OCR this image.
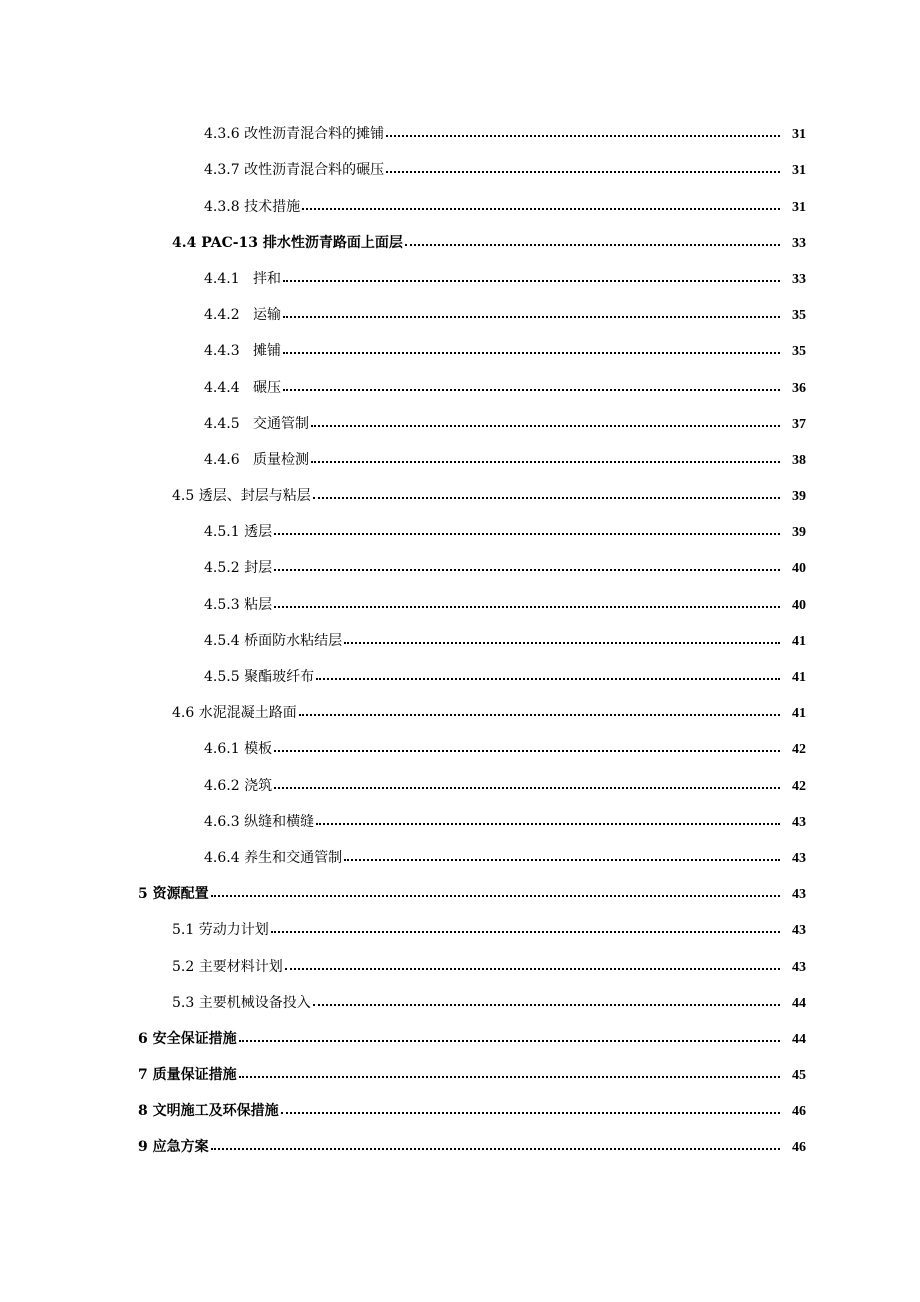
4.3.6 改性沥青混合料的摊铺	31
4.3.7 改性沥青混合料的碾压	31
4.3.8 技术措施	31
4.4 PAC-13 排水性沥青路面上面层	33
4.4.1   拌和	33
4.4.2   运输	35
4.4.3   摊铺	35
4.4.4   碾压	36
4.4.5   交通管制	37
4.4.6   质量检测	38
4.5 透层、封层与粘层	39
4.5.1 透层	39
4.5.2 封层	40
4.5.3 粘层	40
4.5.4 桥面防水粘结层	41
4.5.5 聚酯玻纤布	41
4.6 水泥混凝土路面	41
4.6.1 模板	42
4.6.2 浇筑	42
4.6.3 纵缝和横缝	43
4.6.4 养生和交通管制	43
5 资源配置	43
5.1 劳动力计划	43
5.2 主要材料计划	43
5.3 主要机械设备投入	44
6 安全保证措施	44
7 质量保证措施	45
8 文明施工及环保措施	46
9 应急方案	46
